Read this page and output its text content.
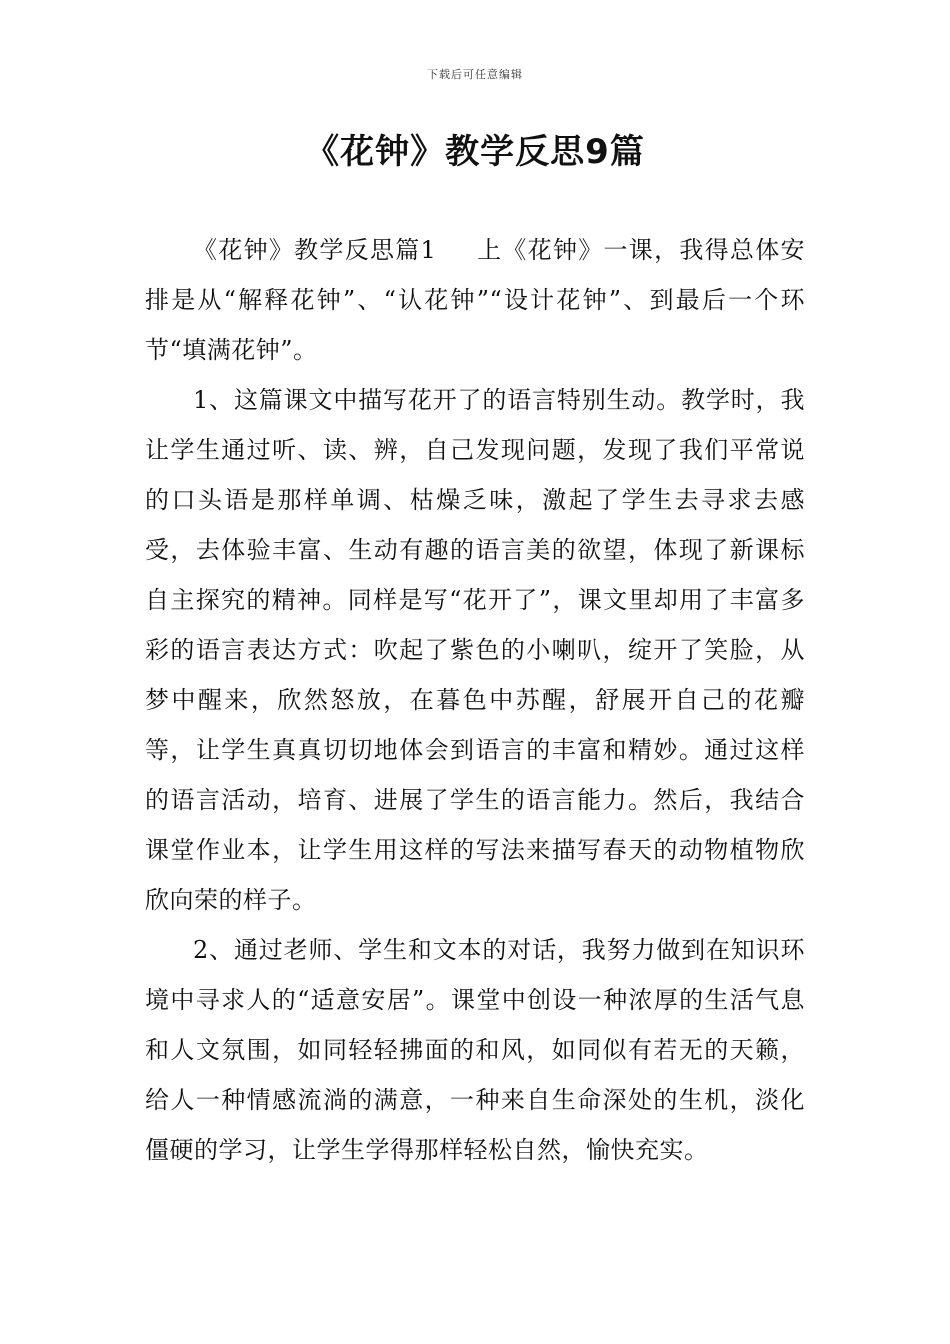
下载后可任意编辑
《花钟》教学反思9篇

《花钟》教学反思篇1 上《花钟》一课，我得总体安排是从“解释花钟”、“认花钟”“设计花钟”、到最后一个环节“填满花钟”。

1、这篇课文中描写花开了的语言特别生动。教学时，我让学生通过听、读、辨，自己发现问题，发现了我们平常说的口头语是那样单调、枯燥乏味，激起了学生去寻求去感受，去体验丰富、生动有趣的语言美的欲望，体现了新课标自主探究的精神。同样是写“花开了”，课文里却用了丰富多彩的语言表达方式：吹起了紫色的小喇叭，绽开了笑脸，从梦中醒来，欣然怒放，在暮色中苏醒，舒展开自己的花瓣等，让学生真真切切地体会到语言的丰富和精妙。通过这样的语言活动，培育、进展了学生的语言能力。然后，我结合课堂作业本，让学生用这样的写法来描写春天的动物植物欣欣向荣的样子。

2、通过老师、学生和文本的对话，我努力做到在知识环境中寻求人的“适意安居”。课堂中创设一种浓厚的生活气息和人文氛围，如同轻轻拂面的和风，如同似有若无的天籁，给人一种情感流淌的满意，一种来自生命深处的生机，淡化僵硬的学习，让学生学得那样轻松自然，愉快充实。
